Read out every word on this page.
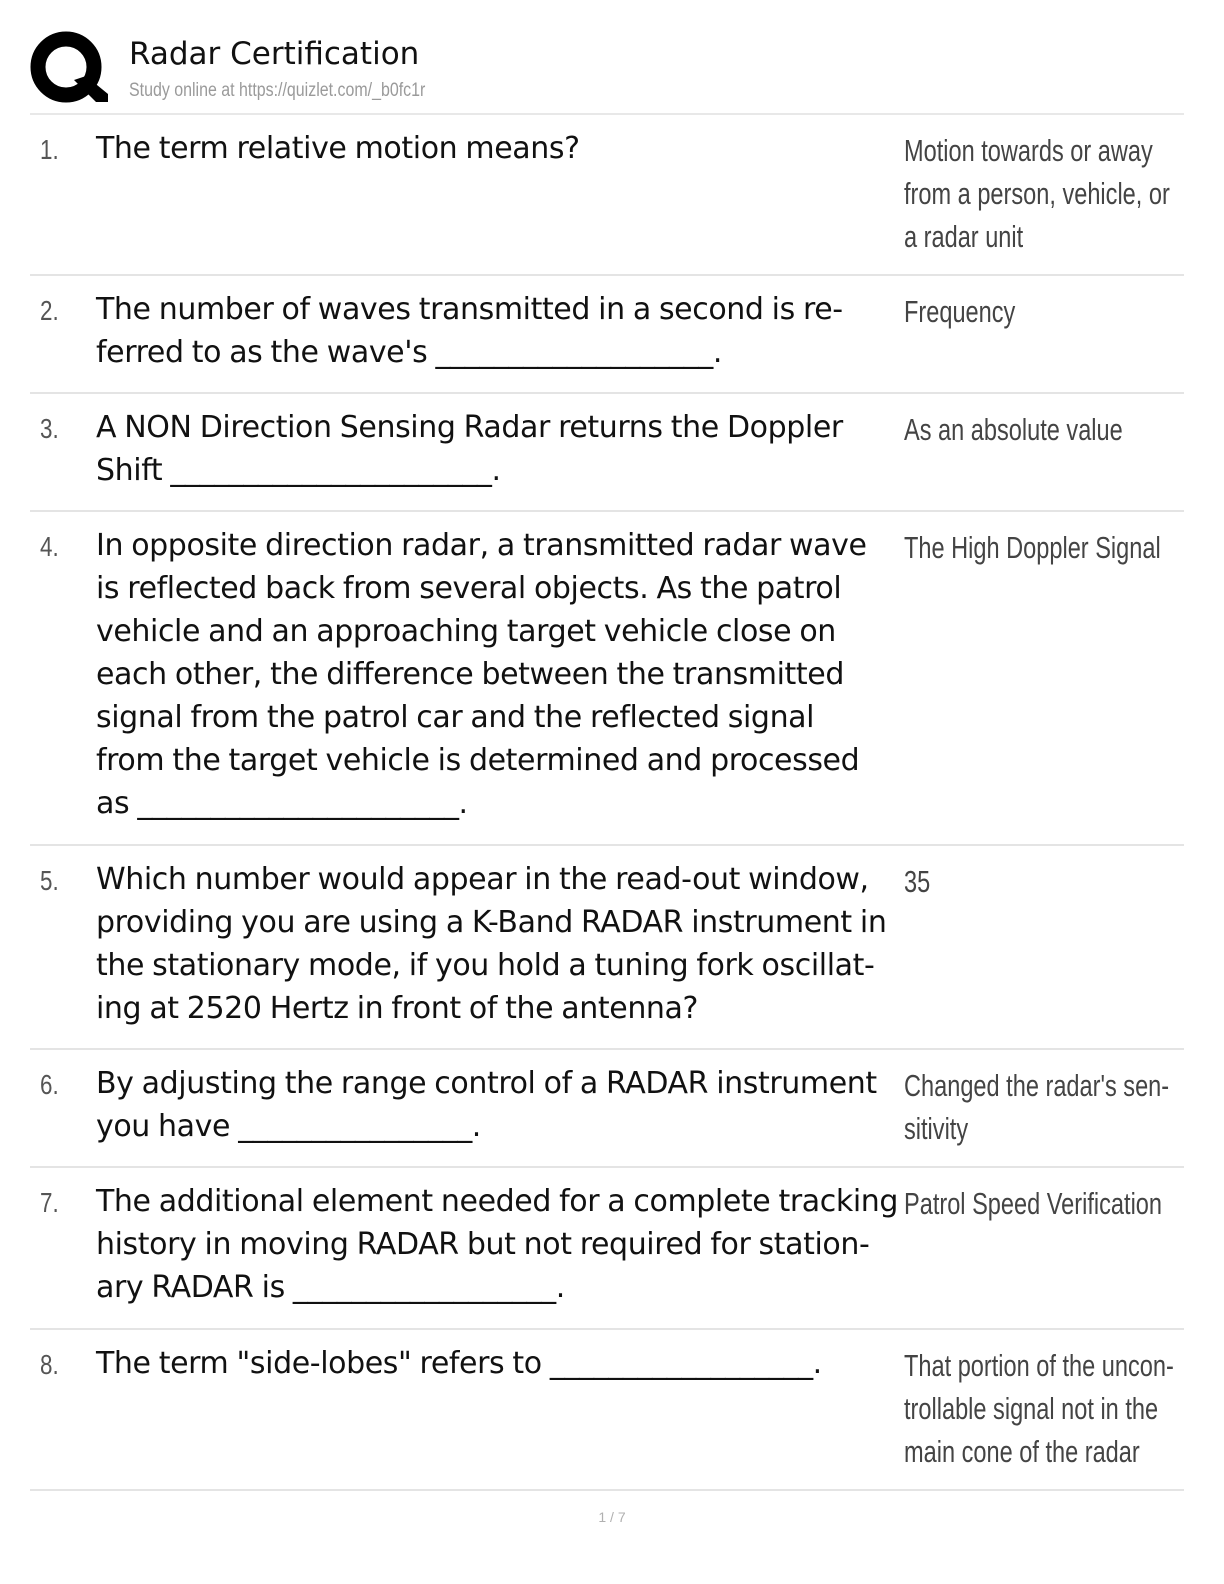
Radar Certification
Study online at https://quizlet.com/_b0fc1r
1. The term relative motion means?	Motion towards or away
from a person, vehicle, or
a radar unit
2. The number of waves transmitted in a second is re-
ferred to as the wave's ___________________.
Frequency
3. A NON Direction Sensing Radar returns the Doppler
Shift ______________________.
As an absolute value
4. In opposite direction radar, a transmitted radar wave
is reflected back from several objects. As the patrol
vehicle and an approaching target vehicle close on
each other, the difference between the transmitted
signal from the patrol car and the reflected signal
from the target vehicle is determined and processed
as ______________________.
The High Doppler Signal
5. Which number would appear in the read-out window,
providing you are using a K-Band RADAR instrument in
the stationary mode, if you hold a tuning fork oscillat-
ing at 2520 Hertz in front of the antenna?
35
6. By adjusting the range control of a RADAR instrument
you have ________________.
Changed the radar's sen-
sitivity
7. The additional element needed for a complete tracking
history in moving RADAR but not required for station-
ary RADAR is __________________.
Patrol Speed Verification
8. The term "side-lobes" refers to __________________.	That portion of the uncon-
trollable signal not in the
main cone of the radar
1 / 7
